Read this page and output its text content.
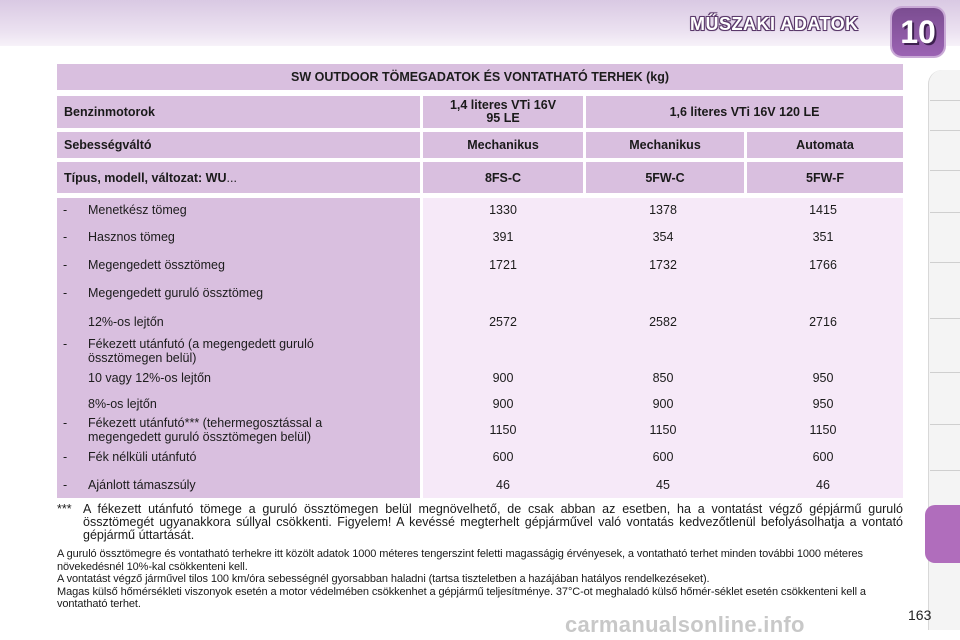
MŰSZAKI ADATOK	10
SW OUTDOOR TÖMEGADATOK ÉS VONTATHATÓ TERHEK (kg)
Benzinmotorok	1,4 literes VTi 16V 95 LE	1,6 literes VTi 16V 120 LE
Sebességváltó	Mechanikus	Mechanikus	Automata
Típus, modell, változat: WU ...	8FS-C	5FW-C	5FW-F
- Menetkész tömeg	1330	1378	1415
- Hasznos tömeg	391	354	351
- Megengedett össztömeg	1721	1732	1766
- Megengedett guruló össztömeg
12%-os lejtőn	2572	2582	2716
- Fékezett utánfutó (a megengedett guruló össztömegen belül)
10 vagy 12%-os lejtőn	900	850	950
8%-os lejtőn	900	900	950
- Fékezett utánfutó*** (tehermegosztással a megengedett guruló össztömegen belül)	1150	1150	1150
- Fék nélküli utánfutó	600	600	600
- Ajánlott támaszsúly	46	45	46
*** A fékezett utánfutó tömege a guruló össztömegen belül megnövelhető, de csak abban az esetben, ha a vontatást végző gépjármű guruló össztömegét ugyanakkora súllyal csökkenti. Figyelem! A kevéssé megterhelt gépjárművel való vontatás kedvezőtlenül befolyásolhatja a vontató gépjármű úttartását.

A guruló össztömegre és vontatható terhekre itt közölt adatok 1000 méteres tengerszint feletti magasságig érvényesek, a vontatható terhet minden további 1000 méteres növekedésnél 10%-kal csökkenteni kell.

A vontatást végző járművel tilos 100 km/óra sebességnél gyorsabban haladni (tartsa tiszteletben a hazájában hatályos rendelkezéseket).

Magas külső hőmérsékleti viszonyok esetén a motor védelmében csökkenhet a gépjármű teljesítménye. 37°C-ot meghaladó külső hőmér-séklet esetén csökkenteni kell a vontatható terhet.

carmanualsonline.info	163
